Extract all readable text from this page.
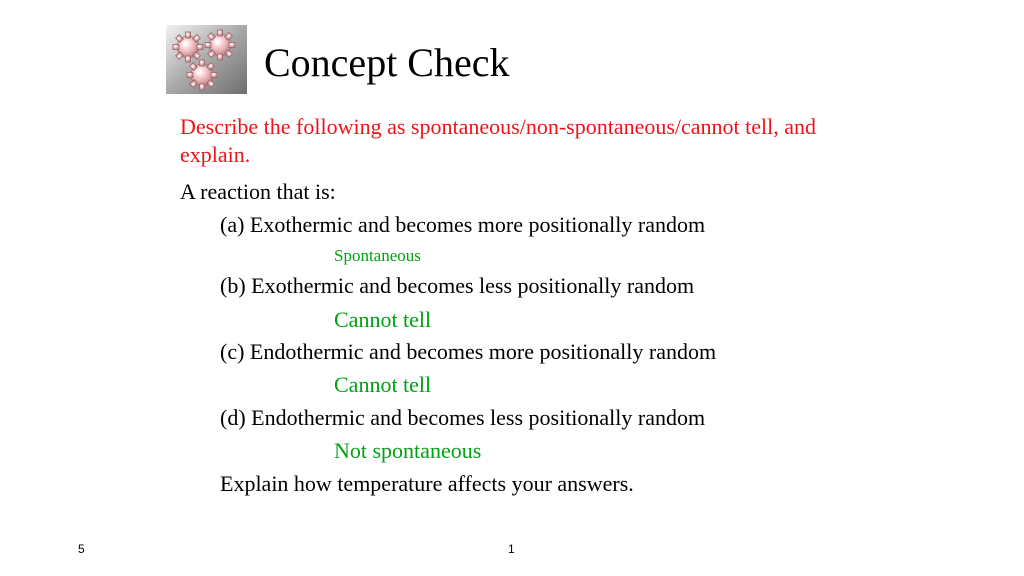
Concept Check
Describe the following as spontaneous/non-spontaneous/cannot tell, and explain.
A reaction that is:
(a) Exothermic and becomes more positionally random
Spontaneous
(b) Exothermic and becomes less positionally random
Cannot tell
(c) Endothermic and becomes more positionally random
Cannot tell
(d) Endothermic and becomes less positionally random
Not spontaneous
Explain how temperature affects your answers.
5	1
